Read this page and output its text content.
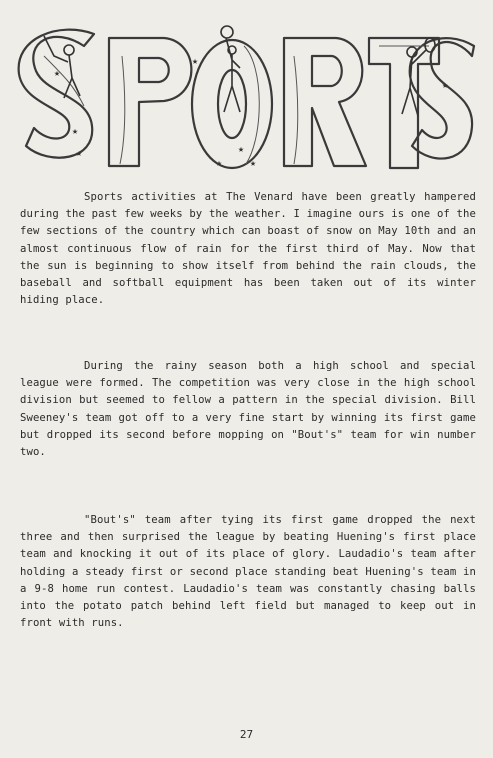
★
★
★
★
★
★
★
★
Sports activities at The Venard have been greatly hampered during the past few weeks by the weather. I imagine ours is one of the few sections of the country which can boast of snow on May 10th and an almost continuous flow of rain for the first third of May. Now that the sun is beginning to show itself from behind the rain clouds, the baseball and softball equipment has been taken out of its winter hiding place.
During the rainy season both a high school and special league were formed. The competition was very close in the high school division but seemed to fellow a pattern in the special division. Bill Sweeney's team got off to a very fine start by winning its first game but dropped its second before mopping on "Bout's" team for win number two.
"Bout's" team after tying its first game dropped the next three and then surprised the league by beating Huening's first place team and knocking it out of its place of glory. Laudadio's team after holding a steady first or second place standing beat Huening's team in a 9-8 home run contest. Laudadio's team was constantly chasing balls into the potato patch behind left field but managed to keep out in front with runs.
27
